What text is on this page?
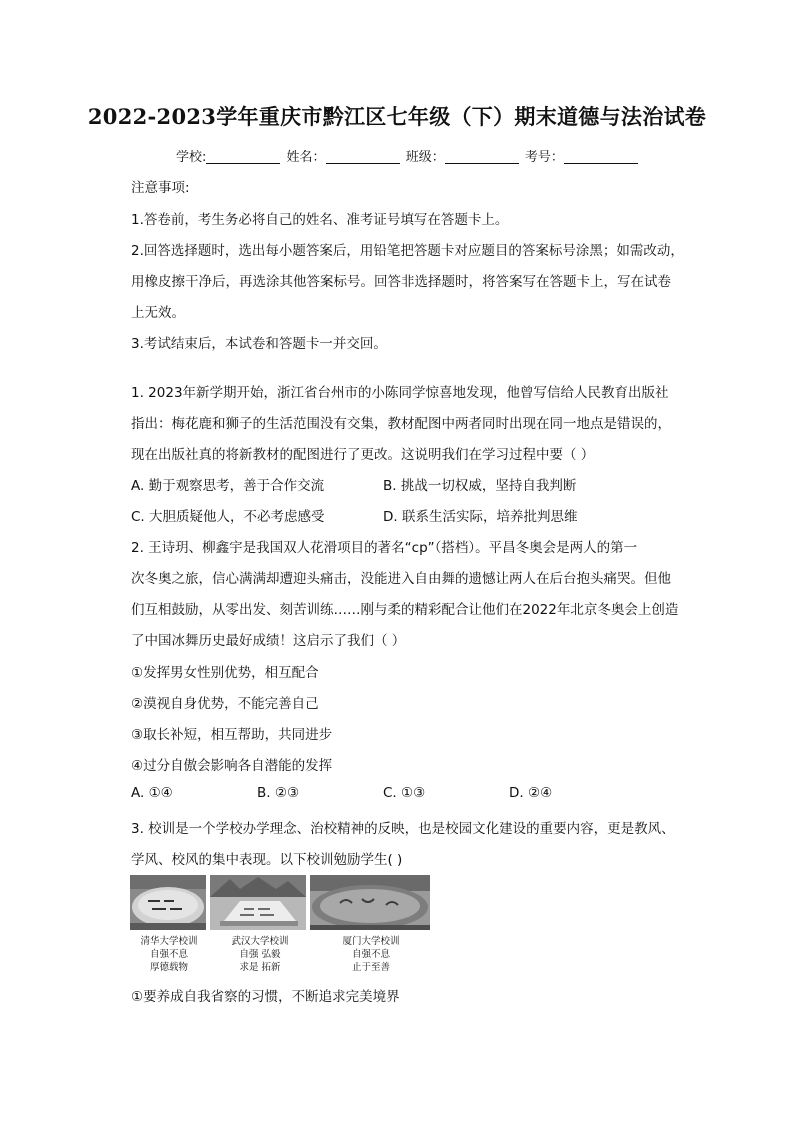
2022-2023学年重庆市黔江区七年级（下）期末道德与法治试卷
学校:	姓名：	班级：	考号：
注意事项:
1.答卷前，考生务必将自己的姓名、准考证号填写在答题卡上。
2.回答选择题时，选出每小题答案后，用铅笔把答题卡对应题目的答案标号涂黑；如需改动，
用橡皮擦干净后，再选涂其他答案标号。回答非选择题时，将答案写在答题卡上，写在试卷
上无效。
3.考试结束后，本试卷和答题卡一并交回。
1. 2023年新学期开始，浙江省台州市的小陈同学惊喜地发现，他曾写信给人民教育出版社
指出：梅花鹿和狮子的生活范围没有交集，教材配图中两者同时出现在同一地点是错误的，
现在出版社真的将新教材的配图进行了更改。这说明我们在学习过程中要（ ）
A. 勤于观察思考，善于合作交流	B. 挑战一切权威，坚持自我判断
C. 大胆质疑他人，不必考虑感受	D. 联系生活实际，培养批判思维
2. 王诗玥、柳鑫宇是我国双人花滑项目的著名“cp”（搭档）。平昌冬奥会是两人的第一
次冬奥之旅，信心满满却遭迎头痛击，没能进入自由舞的遗憾让两人在后台抱头痛哭。但他
们互相鼓励，从零出发、刻苦训练……刚与柔的精彩配合让他们在2022年北京冬奥会上创造
了中国冰舞历史最好成绩！这启示了我们（ ）
①发挥男女性别优势，相互配合
②漠视自身优势，不能完善自己
③取长补短，相互帮助，共同进步
④过分自傲会影响各自潜能的发挥
A. ①④	B. ②③	C. ①③	D. ②④
3. 校训是一个学校办学理念、治校精神的反映，也是校园文化建设的重要内容，更是教风、
学风、校风的集中表现。以下校训勉励学生( )
清华大学校训
自强不息
厚德载物
武汉大学校训
自强 弘毅
求是 拓新
厦门大学校训
自强不息
止于至善
①要养成自我省察的习惯，不断追求完美境界
